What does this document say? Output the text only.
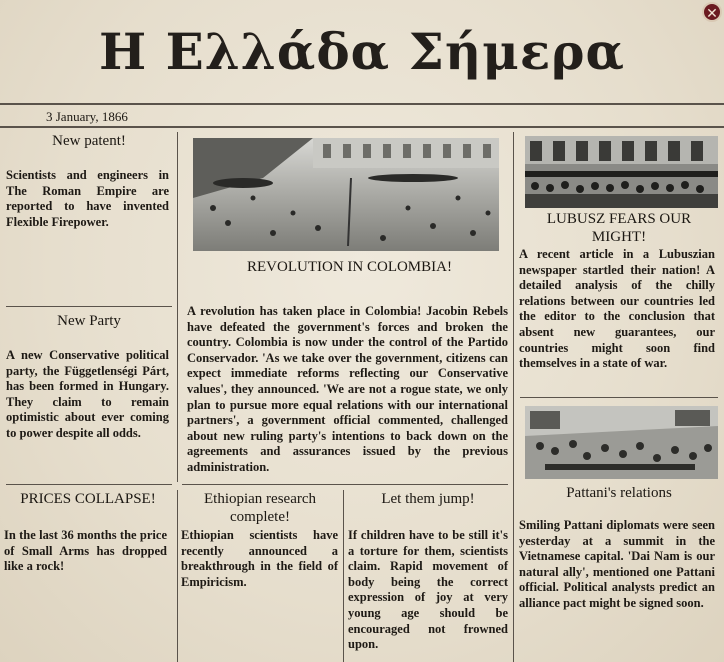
Η Ελλάδα Σήμερα
✕
3 January, 1866
New patent!
Scientists and engineers in The Roman Empire are reported to have invented Flexible Firepower.
New Party
A new Conservative political party, the Függetlenségi Párt, has been formed in Hungary. They claim to remain optimistic about ever coming to power despite all odds.
PRICES COLLAPSE!
In the last 36 months the price of Small Arms has dropped like a rock!
REVOLUTION IN COLOMBIA!
A revolution has taken place in Colombia! Jacobin Rebels have defeated the government's forces and broken the country. Colombia is now under the control of the Partido Conservador. 'As we take over the government, citizens can expect immediate reforms reflecting our Conservative values', they announced. 'We are not a rogue state, we only plan to pursue more equal relations with our international partners', a government official commented, challenged about new ruling party's intentions to back down on the agreements and assurances issued by the previous administration.
Ethiopian research complete!
Ethiopian scientists have recently announced a breakthrough in the field of Empiricism.
Let them jump!
If children have to be still it's a torture for them, scientists claim. Rapid movement of body being the correct expression of joy at very young age should be encouraged not frowned upon.
LUBUSZ FEARS OUR MIGHT!
A recent article in a Lubuszian newspaper startled their nation! A detailed analysis of the chilly relations between our countries led the editor to the conclusion that absent new guarantees, our countries might soon find themselves in a state of war.
Pattani's relations
Smiling Pattani diplomats were seen yesterday at a summit in the Vietnamese capital. 'Dai Nam is our natural ally', mentioned one Pattani official. Political analysts predict an alliance pact might be signed soon.
